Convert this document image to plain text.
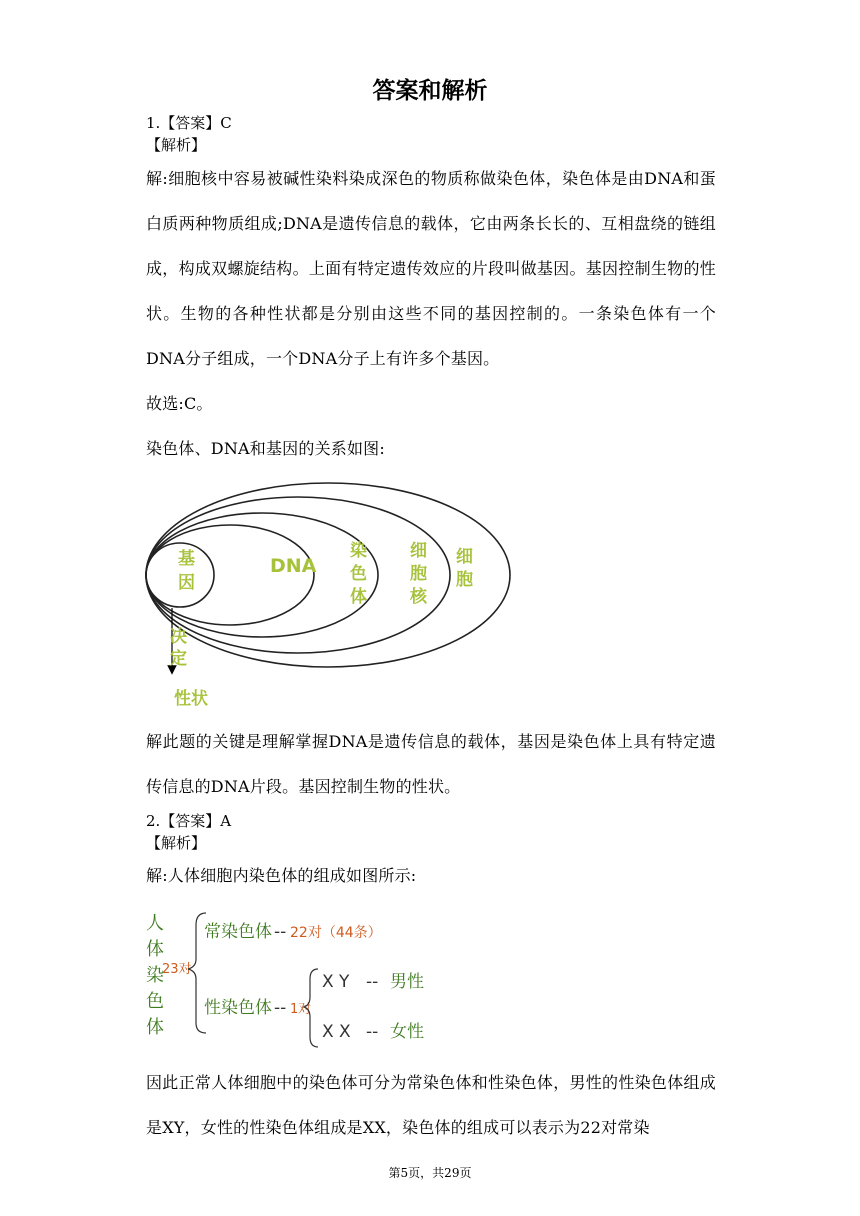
答案和解析
1.【答案】C
【解析】
解:细胞核中容易被碱性染料染成深色的物质称做染色体，染色体是由DNA和蛋白质两种物质组成;DNA是遗传信息的载体，它由两条长长的、互相盘绕的链组成，构成双螺旋结构。上面有特定遗传效应的片段叫做基因。基因控制生物的性状。生物的各种性状都是分别由这些不同的基因控制的。一条染色体有一个DNA分子组成，一个DNA分子上有许多个基因。
故选:C。
染色体、DNA和基因的关系如图:
基
因
DNA
染
色
体
细
胞
核
细
胞
决
定
性状
解此题的关键是理解掌握DNA是遗传信息的载体，基因是染色体上具有特定遗传信息的DNA片段。基因控制生物的性状。
2.【答案】A
【解析】
解:人体细胞内染色体的组成如图所示:
人
体
染
色
体
23对
常染色体 -- 22对（44条）
性染色体 -- 1对
X Y -- 男性
X X -- 女性
因此正常人体细胞中的染色体可分为常染色体和性染色体，男性的性染色体组成是XY，女性的性染色体组成是XX，染色体的组成可以表示为22对常染
第5页，共29页
